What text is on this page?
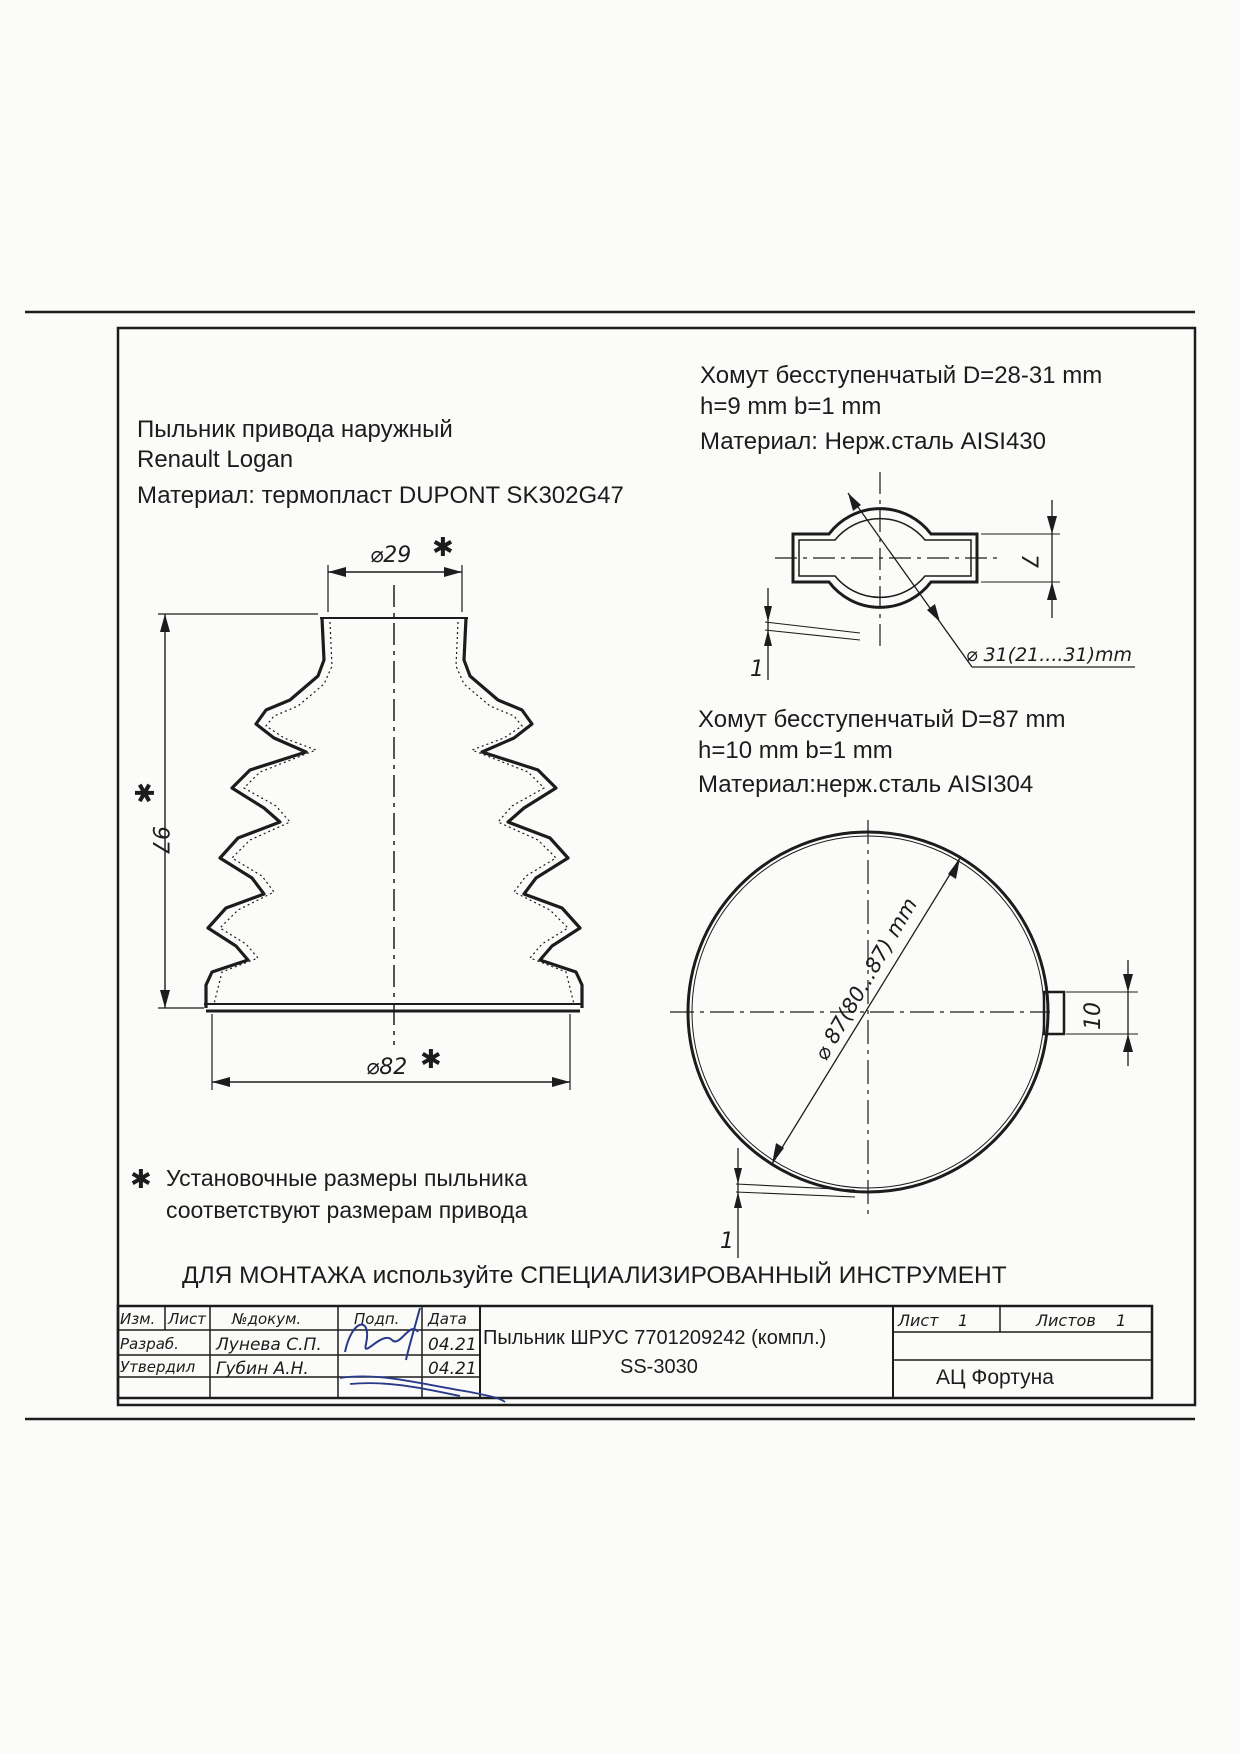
Пыльник привода наружный
Renault Logan
Материал: термопласт DUPONT SK302G47
Хомут бесступенчатый D=28-31 mm
h=9 mm b=1 mm
Материал: Нерж.сталь AISI430
Хомут бесступенчатый D=87 mm
h=10 mm b=1 mm
Материал:нерж.сталь AISI304
⌀29 ✱
⌀82 ✱
97
✱
⌀ 31(21....31)mm
7
1
⌀ 87(80...87) mm	10
1
✱ Установочные размеры пыльника
соответствуют размерам привода
ДЛЯ МОНТАЖА используйте СПЕЦИАЛИЗИРОВАННЫЙ ИНСТРУМЕНТ
Изм. Лист №докум.	Подп. Дата
Разраб. Лунева С.П.	04.21
Утвердил Губин А.Н.	04.21
Пыльник ШРУС 7701209242 (компл.)
SS-3030
Лист 1	Листов 1
АЦ Фортуна
